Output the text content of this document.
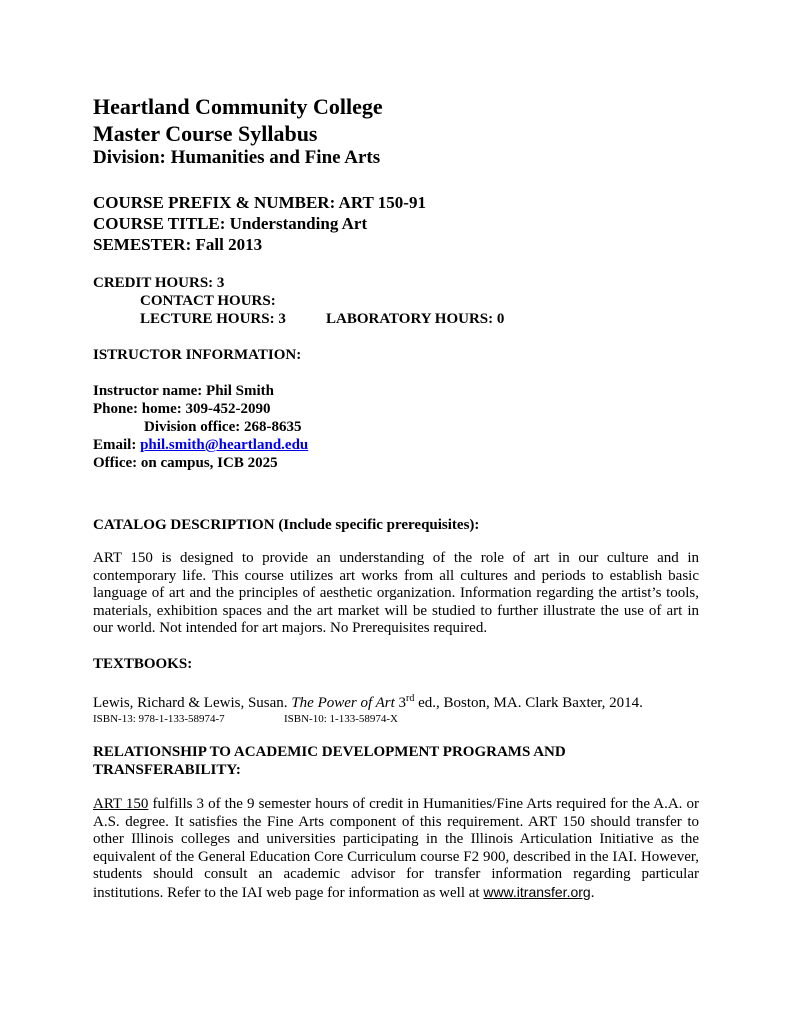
Heartland Community College
Master Course Syllabus
Division: Humanities and Fine Arts
COURSE PREFIX & NUMBER: ART 150-91
COURSE TITLE: Understanding Art
SEMESTER: Fall 2013
CREDIT HOURS: 3
CONTACT HOURS:
LECTURE HOURS: 3	LABORATORY HOURS: 0
ISTRUCTOR INFORMATION:
Instructor name: Phil Smith
Phone: home: 309-452-2090
Division office: 268-8635
Email: phil.smith@heartland.edu
Office: on campus, ICB 2025
CATALOG DESCRIPTION (Include specific prerequisites):
ART 150 is designed to provide an understanding of the role of art in our culture and in contemporary life. This course utilizes art works from all cultures and periods to establish basic language of art and the principles of aesthetic organization. Information regarding the artist’s tools, materials, exhibition spaces and the art market will be studied to further illustrate the use of art in our world. Not intended for art majors. No Prerequisites required.
TEXTBOOKS:
Lewis, Richard & Lewis, Susan. The Power of Art 3rd ed., Boston, MA. Clark Baxter, 2014.
ISBN-13: 978-1-133-58974-7	ISBN-10: 1-133-58974-X
RELATIONSHIP TO ACADEMIC DEVELOPMENT PROGRAMS AND
TRANSFERABILITY:
ART 150 fulfills 3 of the 9 semester hours of credit in Humanities/Fine Arts required for the A.A. or A.S. degree. It satisfies the Fine Arts component of this requirement. ART 150 should transfer to other Illinois colleges and universities participating in the Illinois Articulation Initiative as the equivalent of the General Education Core Curriculum course F2 900, described in the IAI. However, students should consult an academic advisor for transfer information regarding particular institutions. Refer to the IAI web page for information as well at www.itransfer.org.
